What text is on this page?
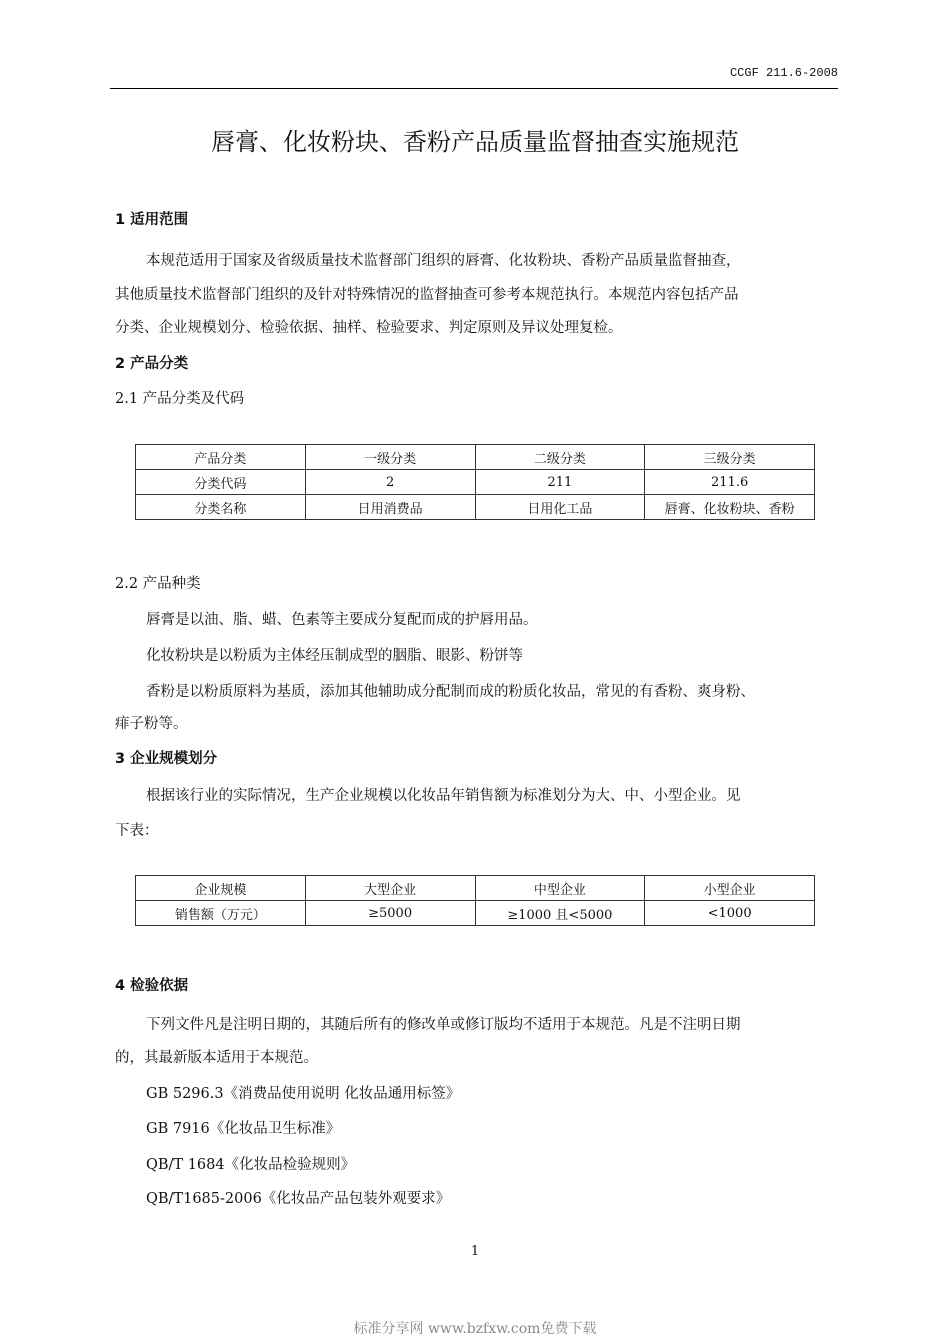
CCGF 211.6-2008
唇膏、化妆粉块、香粉产品质量监督抽查实施规范
1 适用范围
本规范适用于国家及省级质量技术监督部门组织的唇膏、化妆粉块、香粉产品质量监督抽查，
其他质量技术监督部门组织的及针对特殊情况的监督抽查可参考本规范执行。本规范内容包括产品
分类、企业规模划分、检验依据、抽样、检验要求、判定原则及异议处理复检。
2 产品分类
2.1 产品分类及代码
产品分类	一级分类	二级分类	三级分类
分类代码	2	211	211.6
分类名称	日用消费品	日用化工品	唇膏、化妆粉块、香粉
2.2 产品种类
唇膏是以油、脂、蜡、色素等主要成分复配而成的护唇用品。
化妆粉块是以粉质为主体经压制成型的胭脂、眼影、粉饼等
香粉是以粉质原料为基质，添加其他辅助成分配制而成的粉质化妆品，常见的有香粉、爽身粉、
痱子粉等。
3 企业规模划分
根据该行业的实际情况，生产企业规模以化妆品年销售额为标准划分为大、中、小型企业。见
下表：
企业规模	大型企业	中型企业	小型企业
销售额（万元）	≥5000	≥1000 且<5000	<1000
4 检验依据
下列文件凡是注明日期的，其随后所有的修改单或修订版均不适用于本规范。凡是不注明日期
的，其最新版本适用于本规范。
GB 5296.3《消费品使用说明 化妆品通用标签》
GB 7916《化妆品卫生标准》
QB/T 1684《化妆品检验规则》
QB/T1685-2006《化妆品产品包装外观要求》
1
标准分享网 www.bzfxw.com免费下载
